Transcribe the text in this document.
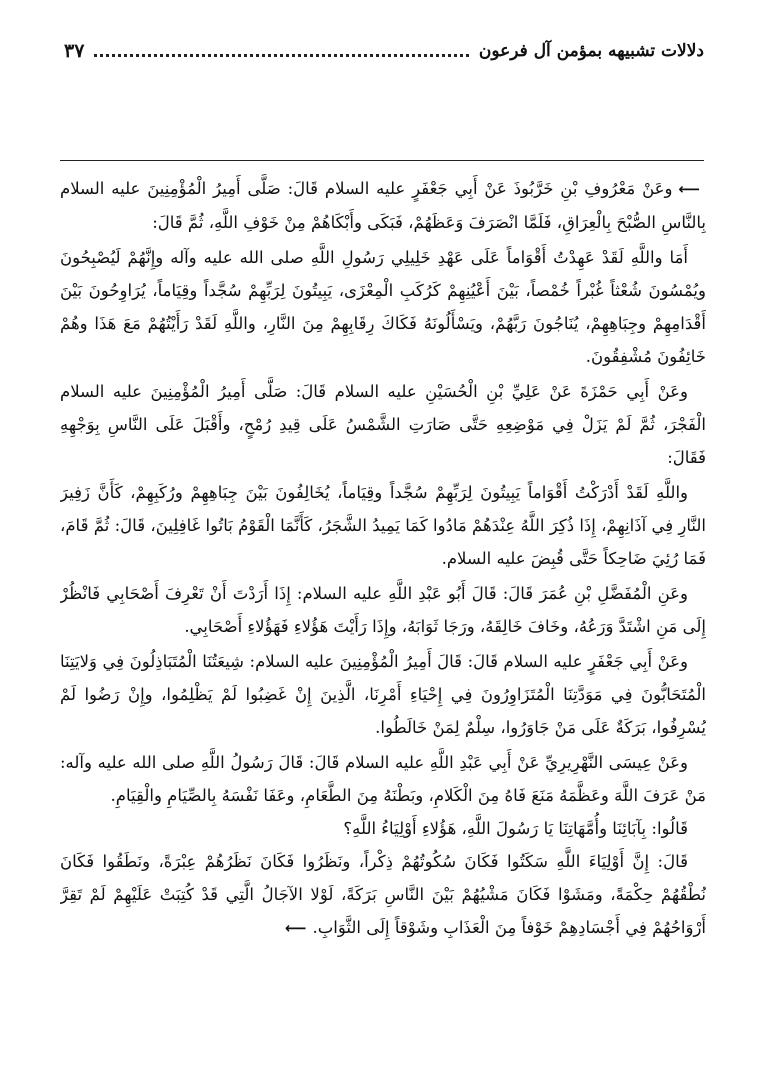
دلالات تشبيهه بمؤمن آل فرعون
٣٧

⟵وعَنْ مَعْرُوفِ بْنِ خَرَّبُوذَ عَنْ أَبِي جَعْفَرٍ عليه السلام قَالَ: صَلَّى أَمِيرُ الْمُؤْمِنِينَ عليه السلام بِالنَّاسِ الصُّبْحَ بِالْعِرَاقِ، فَلَمَّا انْصَرَفَ وَعَظَهُمْ، فَبَكَى وأَبْكَاهُمْ مِنْ خَوْفِ اللَّهِ، ثُمَّ قَالَ:

أَمَا واللَّهِ لَقَدْ عَهِدْتُ أَقْوَاماً عَلَى عَهْدِ خَلِيلِي رَسُولِ اللَّهِ صلى الله عليه وآله وإِنَّهُمْ لَيُصْبِحُونَ ويُمْسُونَ شُعْثاً غُبْراً خُمْصاً، بَيْنَ أَعْيُنِهِمْ كَرُكَبِ الْمِعْزَى، يَبِيتُونَ لِرَبِّهِمْ سُجَّداً وقِيَاماً، يُرَاوِحُونَ بَيْنَ أَقْدَامِهِمْ وجِبَاهِهِمْ، يُنَاجُونَ رَبَّهُمْ، ويَسْأَلُونَهُ فَكَاكَ رِقَابِهِمْ مِنَ النَّارِ، واللَّهِ لَقَدْ رَأَيْتُهُمْ مَعَ هَذَا وهُمْ خَائِفُونَ مُشْفِقُونَ.

وعَنْ أَبِي حَمْزَةَ عَنْ عَلِيِّ بْنِ الْحُسَيْنِ عليه السلام قَالَ: صَلَّى أَمِيرُ الْمُؤْمِنِينَ عليه السلام الْفَجْرَ، ثُمَّ لَمْ يَزَلْ فِي مَوْضِعِهِ حَتَّى صَارَتِ الشَّمْسُ عَلَى قِيدِ رُمْحٍ، وأَقْبَلَ عَلَى النَّاسِ بِوَجْهِهِ فَقَالَ:

واللَّهِ لَقَدْ أَدْرَكْتُ أَقْوَاماً يَبِيتُونَ لِرَبِّهِمْ سُجَّداً وقِيَاماً، يُخَالِفُونَ بَيْنَ جِبَاهِهِمْ ورُكَبِهِمْ، كَأَنَّ زَفِيرَ النَّارِ فِي آذَانِهِمْ، إِذَا ذُكِرَ اللَّهُ عِنْدَهُمْ مَادُوا كَمَا يَمِيدُ الشَّجَرُ، كَأَنَّمَا الْقَوْمُ بَاتُوا غَافِلِينَ، قَالَ: ثُمَّ قَامَ، فَمَا رُئِيَ ضَاحِكاً حَتَّى قُبِضَ عليه السلام.

وعَنِ الْمُفَضَّلِ بْنِ عُمَرَ قَالَ: قَالَ أَبُو عَبْدِ اللَّهِ عليه السلام: إِذَا أَرَدْتَ أَنْ تَعْرِفَ أَصْحَابِي فَانْظُرْ إِلَى مَنِ اشْتَدَّ وَرَعُهُ، وخَافَ خَالِقَهُ، ورَجَا ثَوَابَهُ، وإِذَا رَأَيْتَ هَؤُلاءِ فَهَؤُلاءِ أَصْحَابِي.

وعَنْ أَبِي جَعْفَرٍ عليه السلام قَالَ: قَالَ أَمِيرُ الْمُؤْمِنِينَ عليه السلام: شِيعَتُنَا الْمُتَبَاذِلُونَ فِي وَلايَتِنَا الْمُتَحَابُّونَ فِي مَوَدَّتِنَا الْمُتَزَاوِرُونَ فِي إِحْيَاءِ أَمْرِنَا، الَّذِينَ إِنْ غَضِبُوا لَمْ يَظْلِمُوا، وإِنْ رَضُوا لَمْ يُسْرِفُوا، بَرَكَةٌ عَلَى مَنْ جَاوَرُوا، سِلْمٌ لِمَنْ خَالَطُوا.

وعَنْ عِيسَى النَّهْرِيرِيِّ عَنْ أَبِي عَبْدِ اللَّهِ عليه السلام قَالَ: قَالَ رَسُولُ اللَّهِ صلى الله عليه وآله: مَنْ عَرَفَ اللَّهَ وعَظَّمَهُ مَنَعَ فَاهُ مِنَ الْكَلامِ، وبَطْنَهُ مِنَ الطَّعَامِ، وعَفَا نَفْسَهُ بِالصِّيَامِ والْقِيَامِ.

قَالُوا: بِآبَائِنَا وأُمَّهَاتِنَا يَا رَسُولَ اللَّهِ، هَؤُلاءِ أَوْلِيَاءُ اللَّهِ؟

قَالَ: إِنَّ أَوْلِيَاءَ اللَّهِ سَكَتُوا فَكَانَ سُكُوتُهُمْ ذِكْراً، ونَظَرُوا فَكَانَ نَظَرُهُمْ عِبْرَةً، ونَطَقُوا فَكَانَ نُطْقُهُمْ حِكْمَةً، ومَشَوْا فَكَانَ مَشْيُهُمْ بَيْنَ النَّاسِ بَرَكَةً، لَوْلا الآجَالُ الَّتِي قَدْ كُتِبَتْ عَلَيْهِمْ لَمْ تَقِرَّ أَرْوَاحُهُمْ فِي أَجْسَادِهِمْ خَوْفاً مِنَ الْعَذَابِ وشَوْقاً إِلَى الثَّوَابِ.⟵
